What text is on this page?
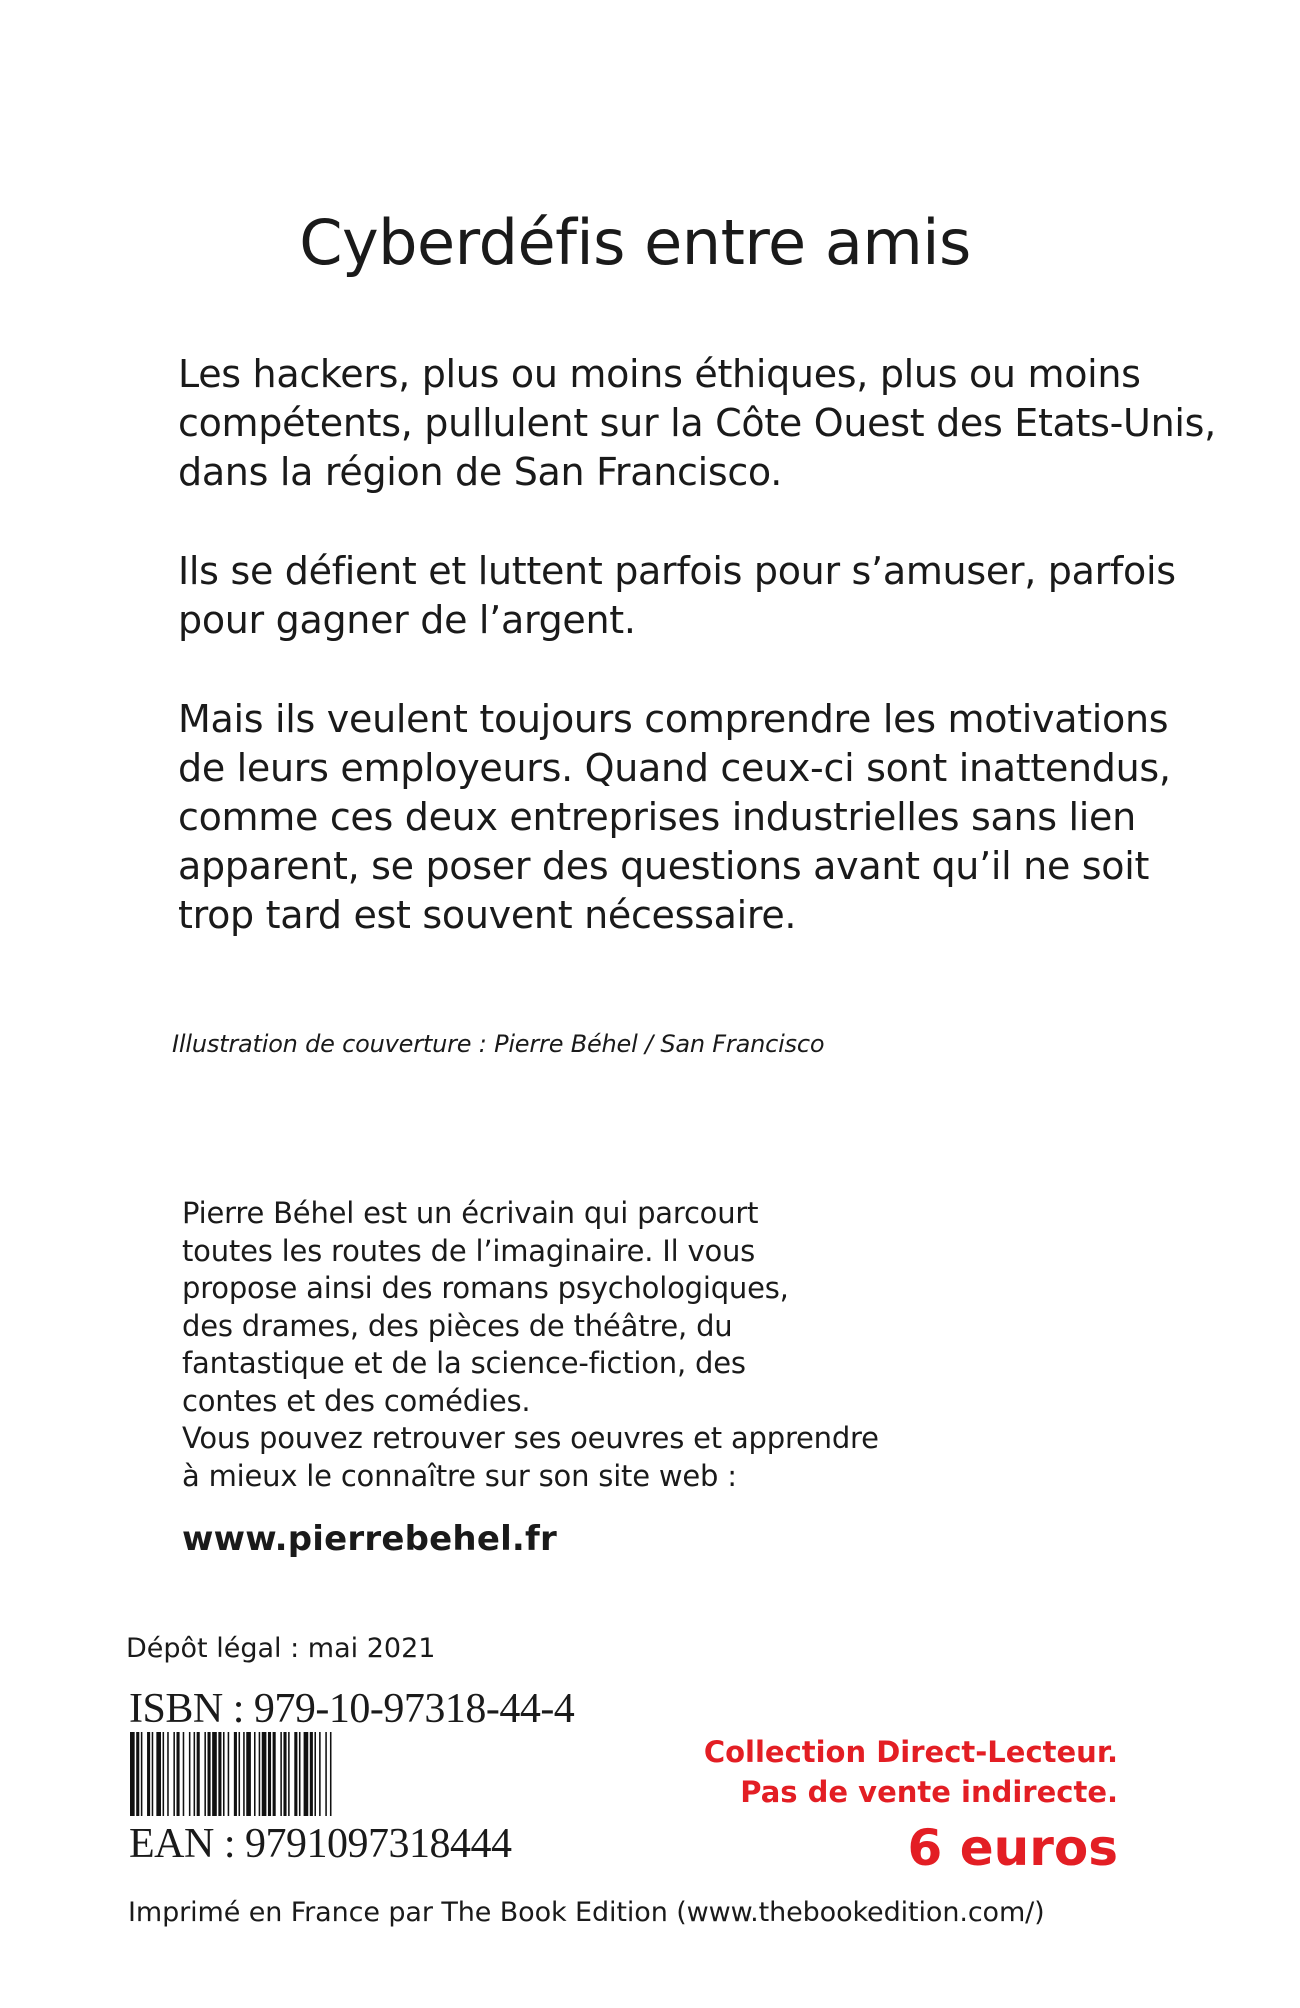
Cyberdéfis entre amis

Les hackers, plus ou moins éthiques, plus ou moins
compétents, pullulent sur la Côte Ouest des Etats-Unis,
dans la région de San Francisco.

Ils se défient et luttent parfois pour s’amuser, parfois
pour gagner de l’argent.

Mais ils veulent toujours comprendre les motivations
de leurs employeurs. Quand ceux-ci sont inattendus,
comme ces deux entreprises industrielles sans lien
apparent, se poser des questions avant qu’il ne soit
trop tard est souvent nécessaire.

Illustration de couverture : Pierre Béhel / San Francisco

Pierre Béhel est un écrivain qui parcourt
toutes les routes de l’imaginaire. Il vous
propose ainsi des romans psychologiques,
des drames, des pièces de théâtre, du
fantastique et de la science-fiction, des
contes et des comédies.
Vous pouvez retrouver ses oeuvres et apprendre
à mieux le connaître sur son site web :

www.pierrebehel.fr

Dépôt légal : mai 2021

ISBN : 979-10-97318-44-4

EAN : 9791097318444

Collection Direct-Lecteur.
Pas de vente indirecte.

6 euros

Imprimé en France par The Book Edition (www.thebookedition.com/)
